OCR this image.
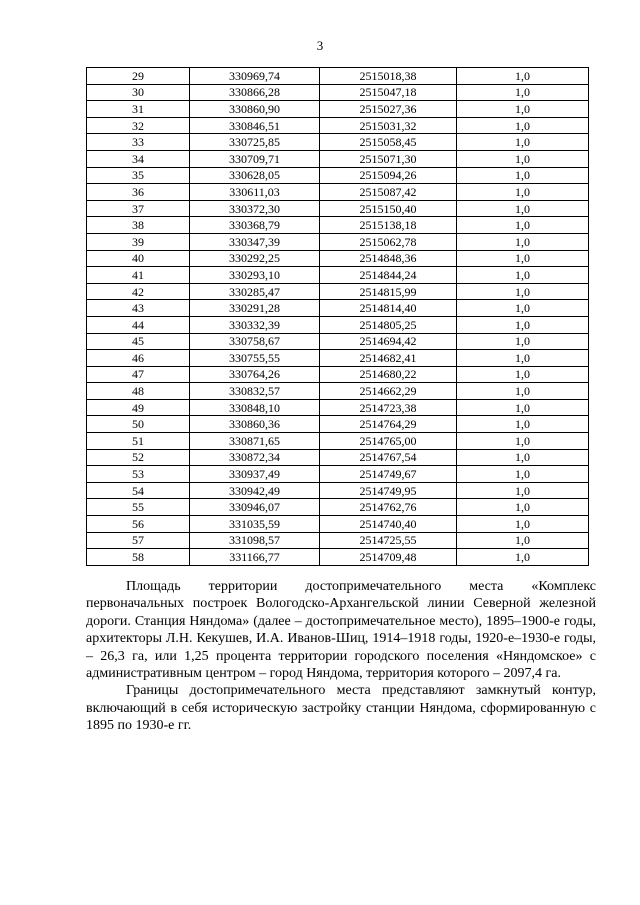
3
29	330969,74	2515018,38	1,0
30	330866,28	2515047,18	1,0
31	330860,90	2515027,36	1,0
32	330846,51	2515031,32	1,0
33	330725,85	2515058,45	1,0
34	330709,71	2515071,30	1,0
35	330628,05	2515094,26	1,0
36	330611,03	2515087,42	1,0
37	330372,30	2515150,40	1,0
38	330368,79	2515138,18	1,0
39	330347,39	2515062,78	1,0
40	330292,25	2514848,36	1,0
41	330293,10	2514844,24	1,0
42	330285,47	2514815,99	1,0
43	330291,28	2514814,40	1,0
44	330332,39	2514805,25	1,0
45	330758,67	2514694,42	1,0
46	330755,55	2514682,41	1,0
47	330764,26	2514680,22	1,0
48	330832,57	2514662,29	1,0
49	330848,10	2514723,38	1,0
50	330860,36	2514764,29	1,0
51	330871,65	2514765,00	1,0
52	330872,34	2514767,54	1,0
53	330937,49	2514749,67	1,0
54	330942,49	2514749,95	1,0
55	330946,07	2514762,76	1,0
56	331035,59	2514740,40	1,0
57	331098,57	2514725,55	1,0
58	331166,77	2514709,48	1,0

Площадь территории достопримечательного места «Комплекс первоначальных построек Вологодско-Архангельской линии Северной железной дороги. Станция Няндома» (далее – достопримечательное место), 1895–1900-е годы, архитекторы Л.Н. Кекушев, И.А. Иванов-Шиц, 1914–1918 годы, 1920-е–1930-е годы, – 26,3 га, или 1,25 процента территории городского поселения «Няндомское» с административным центром – город Няндома, территория которого – 2097,4 га.

Границы достопримечательного места представляют замкнутый контур, включающий в себя историческую застройку станции Няндома, сформированную с 1895 по 1930-е гг.
